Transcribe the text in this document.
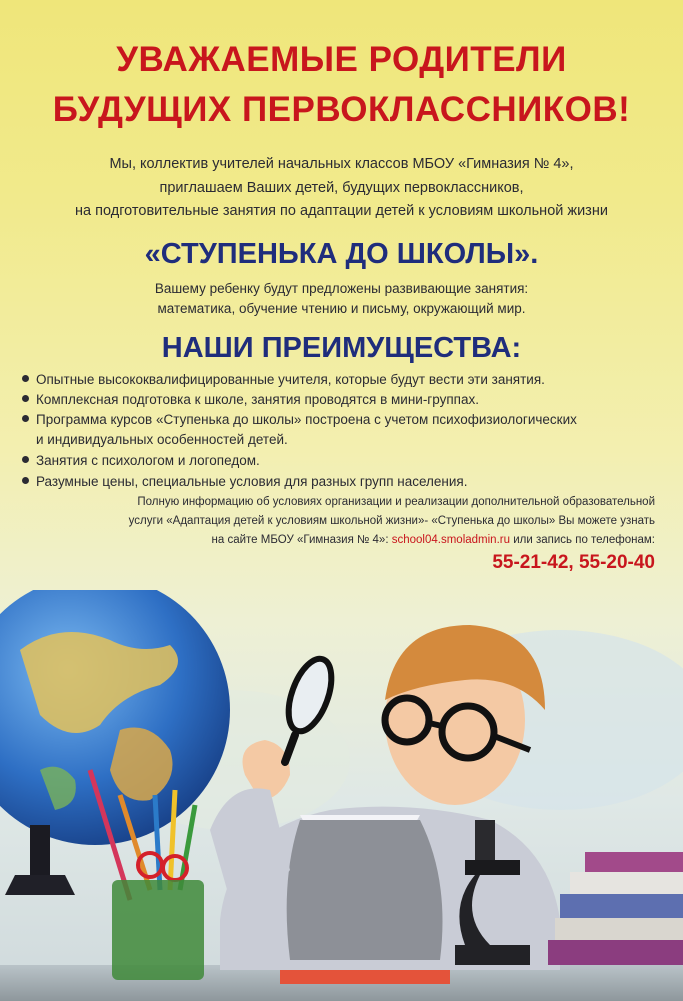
УВАЖАЕМЫЕ РОДИТЕЛИ
БУДУЩИХ ПЕРВОКЛАССНИКОВ!
Мы, коллектив учителей начальных классов МБОУ «Гимназия № 4»,
приглашаем Ваших детей, будущих первоклассников,
на подготовительные занятия по адаптации детей к условиям школьной жизни
«СТУПЕНЬКА ДО ШКОЛЫ».
Вашему ребенку будут предложены развивающие занятия:
математика, обучение чтению и письму, окружающий мир.
НАШИ ПРЕИМУЩЕСТВА:
Опытные высококвалифицированные учителя, которые будут вести эти занятия.
Комплексная подготовка к школе, занятия проводятся в мини-группах.
Программа курсов «Ступенька до школы» построена с учетом психофизиологических
и индивидуальных особенностей детей.
Занятия с психологом и логопедом.
Разумные цены, специальные условия для разных групп населения.
Полную информацию об условиях организации и реализации дополнительной образовательной
услуги «Адаптация детей к условиям школьной жизни»- «Ступенька до школы» Вы можете узнать
на сайте МБОУ «Гимназия № 4»: school04.smoladmin.ru или запись по телефонам:
55-21-42, 55-20-40
